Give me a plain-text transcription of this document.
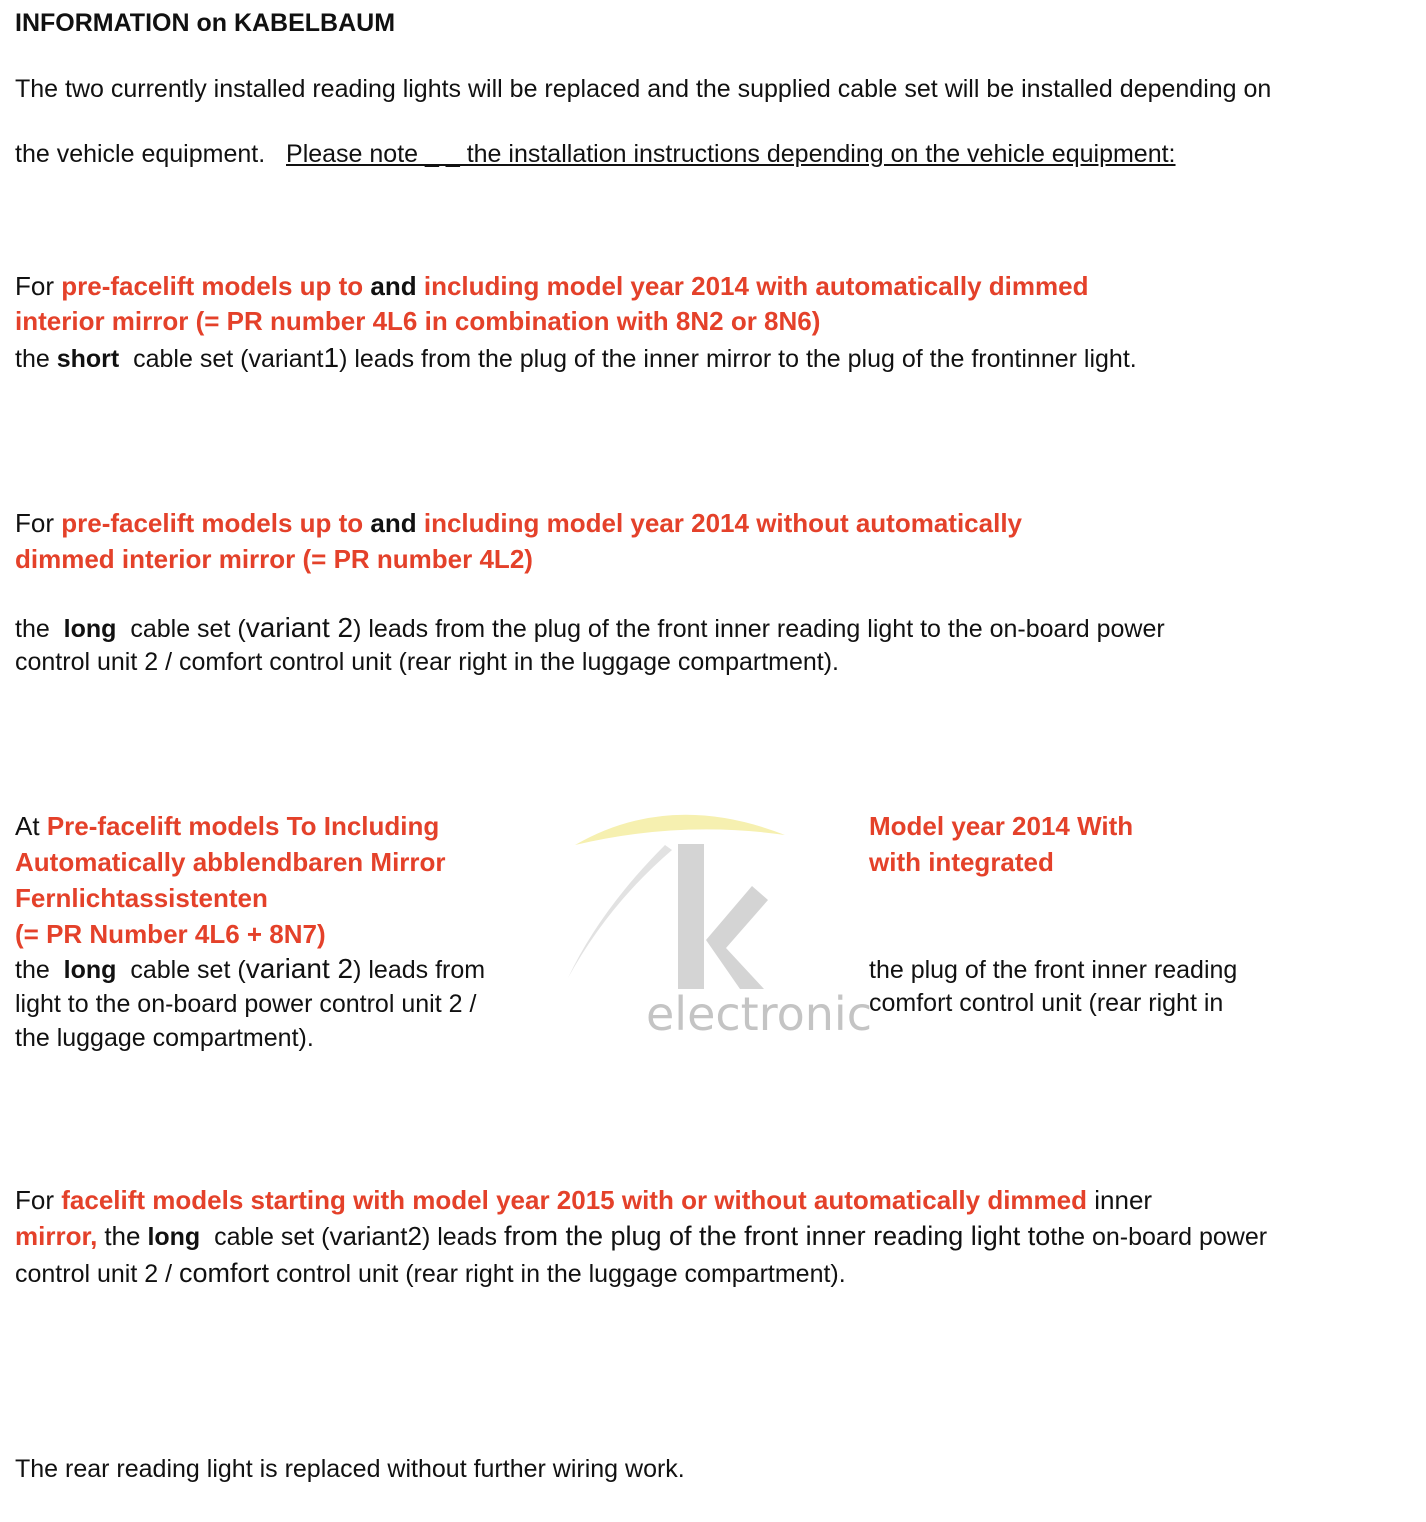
INFORMATION on KABELBAUM
The two currently installed reading lights will be replaced and the supplied cable set will be installed depending on
the vehicle equipment. Please note _ _ the installation instructions depending on the vehicle equipment:
For pre-facelift models up to and including model year 2014 with automatically dimmed
interior mirror (= PR number 4L6 in combination with 8N2 or 8N6)
the short cable set (variant1) leads from the plug of the inner mirror to the plug of the frontinner light.
For pre-facelift models up to and including model year 2014 without automatically
dimmed interior mirror (= PR number 4L2)
the long cable set (variant 2) leads from the plug of the front inner reading light to the on-board power
control unit 2 / comfort control unit (rear right in the luggage compartment).
electronic
At Pre-facelift models To Including
Automatically abblendbaren Mirror
Fernlichtassistenten
(= PR Number 4L6 + 8N7)
the long cable set (variant 2) leads from
light to the on-board power control unit 2 /
the luggage compartment).
Model year 2014 With
with integrated
the plug of the front inner reading
comfort control unit (rear right in
For facelift models starting with model year 2015 with or without automatically dimmed inner
mirror, the long cable set (variant2) leads from the plug of the front inner reading light tothe on-board power
control unit 2 / comfort control unit (rear right in the luggage compartment).
The rear reading light is replaced without further wiring work.
